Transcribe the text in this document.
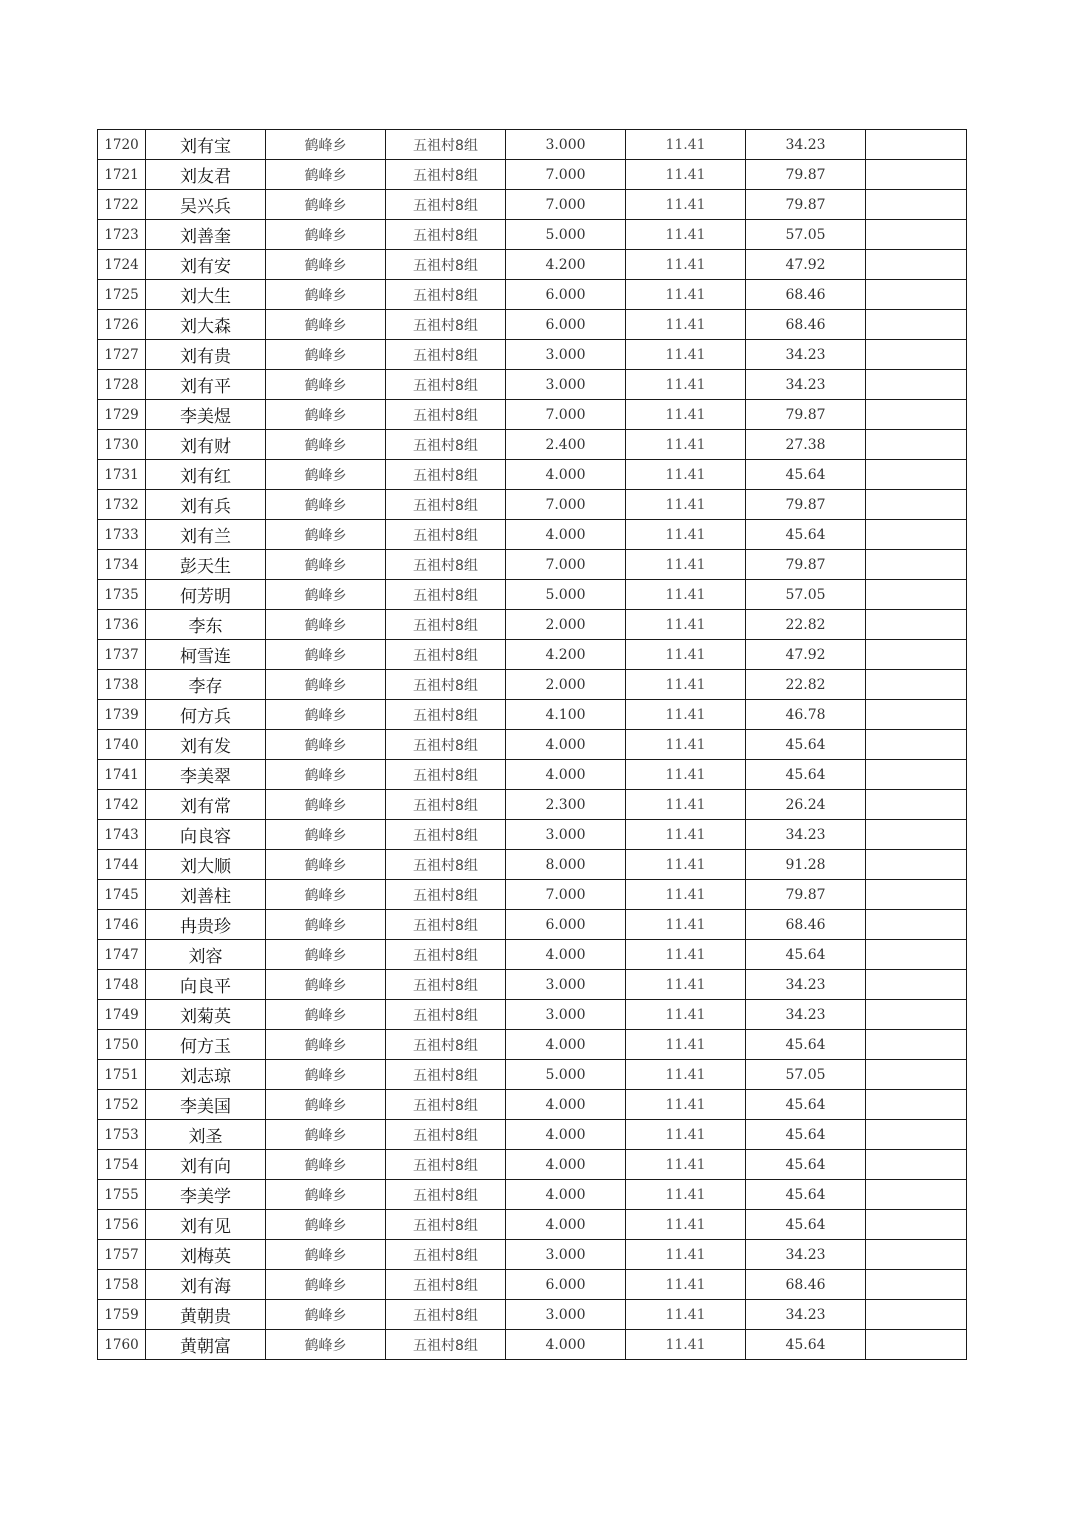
1720	刘有宝	鹤峰乡	五祖村8组	3.000	11.41	34.23	
1721	刘友君	鹤峰乡	五祖村8组	7.000	11.41	79.87	
1722	吴兴兵	鹤峰乡	五祖村8组	7.000	11.41	79.87	
1723	刘善奎	鹤峰乡	五祖村8组	5.000	11.41	57.05	
1724	刘有安	鹤峰乡	五祖村8组	4.200	11.41	47.92	
1725	刘大生	鹤峰乡	五祖村8组	6.000	11.41	68.46	
1726	刘大森	鹤峰乡	五祖村8组	6.000	11.41	68.46	
1727	刘有贵	鹤峰乡	五祖村8组	3.000	11.41	34.23	
1728	刘有平	鹤峰乡	五祖村8组	3.000	11.41	34.23	
1729	李美煜	鹤峰乡	五祖村8组	7.000	11.41	79.87	
1730	刘有财	鹤峰乡	五祖村8组	2.400	11.41	27.38	
1731	刘有红	鹤峰乡	五祖村8组	4.000	11.41	45.64	
1732	刘有兵	鹤峰乡	五祖村8组	7.000	11.41	79.87	
1733	刘有兰	鹤峰乡	五祖村8组	4.000	11.41	45.64	
1734	彭天生	鹤峰乡	五祖村8组	7.000	11.41	79.87	
1735	何芳明	鹤峰乡	五祖村8组	5.000	11.41	57.05	
1736	李东	鹤峰乡	五祖村8组	2.000	11.41	22.82	
1737	柯雪连	鹤峰乡	五祖村8组	4.200	11.41	47.92	
1738	李存	鹤峰乡	五祖村8组	2.000	11.41	22.82	
1739	何方兵	鹤峰乡	五祖村8组	4.100	11.41	46.78	
1740	刘有发	鹤峰乡	五祖村8组	4.000	11.41	45.64	
1741	李美翠	鹤峰乡	五祖村8组	4.000	11.41	45.64	
1742	刘有常	鹤峰乡	五祖村8组	2.300	11.41	26.24	
1743	向良容	鹤峰乡	五祖村8组	3.000	11.41	34.23	
1744	刘大顺	鹤峰乡	五祖村8组	8.000	11.41	91.28	
1745	刘善柱	鹤峰乡	五祖村8组	7.000	11.41	79.87	
1746	冉贵珍	鹤峰乡	五祖村8组	6.000	11.41	68.46	
1747	刘容	鹤峰乡	五祖村8组	4.000	11.41	45.64	
1748	向良平	鹤峰乡	五祖村8组	3.000	11.41	34.23	
1749	刘菊英	鹤峰乡	五祖村8组	3.000	11.41	34.23	
1750	何方玉	鹤峰乡	五祖村8组	4.000	11.41	45.64	
1751	刘志琼	鹤峰乡	五祖村8组	5.000	11.41	57.05	
1752	李美国	鹤峰乡	五祖村8组	4.000	11.41	45.64	
1753	刘圣	鹤峰乡	五祖村8组	4.000	11.41	45.64	
1754	刘有向	鹤峰乡	五祖村8组	4.000	11.41	45.64	
1755	李美学	鹤峰乡	五祖村8组	4.000	11.41	45.64	
1756	刘有见	鹤峰乡	五祖村8组	4.000	11.41	45.64	
1757	刘梅英	鹤峰乡	五祖村8组	3.000	11.41	34.23	
1758	刘有海	鹤峰乡	五祖村8组	6.000	11.41	68.46	
1759	黄朝贵	鹤峰乡	五祖村8组	3.000	11.41	34.23	
1760	黄朝富	鹤峰乡	五祖村8组	4.000	11.41	45.64	
